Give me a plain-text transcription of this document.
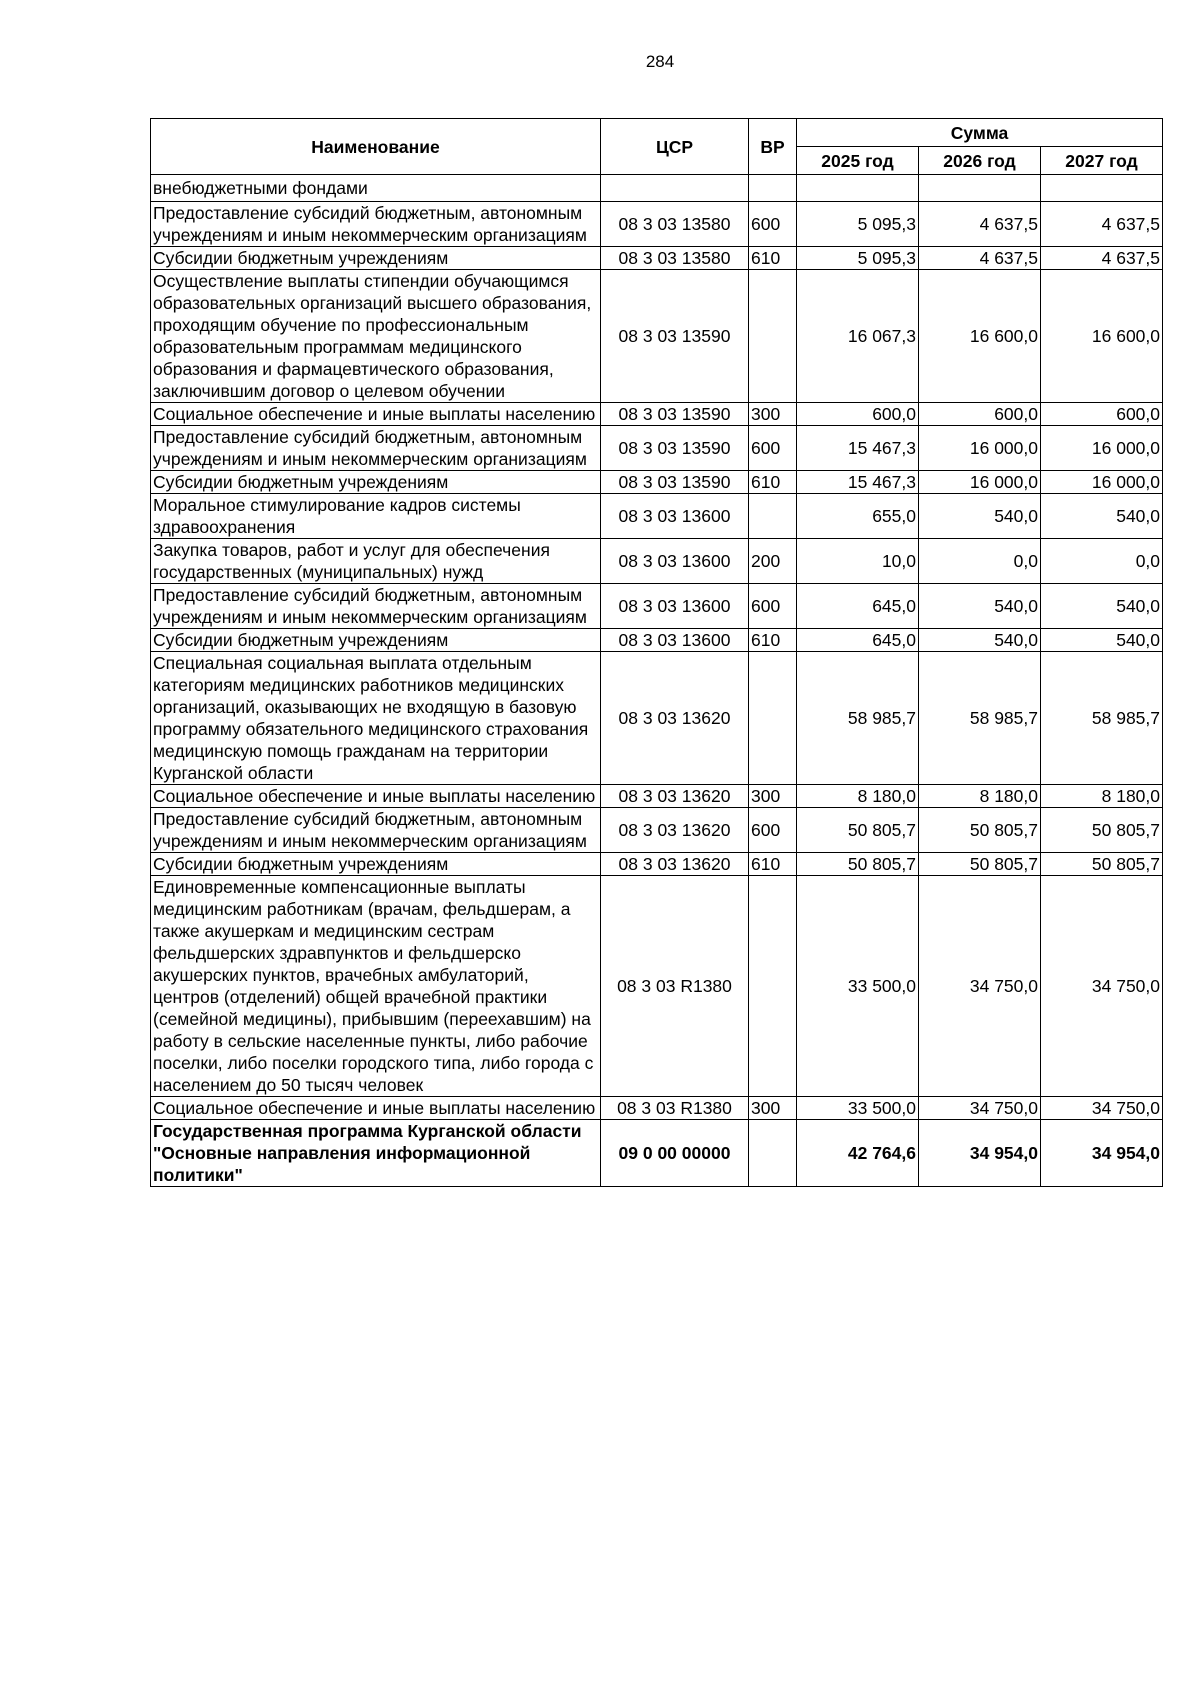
284
Наименование	ЦСР	ВР	Сумма		
			2025 год	2026 год	2027 год
внебюджетными фондами					
Предоставление субсидий бюджетным, автономным учреждениям и иным некоммерческим организациям	08 3 03 13580	600	5 095,3	4 637,5	4 637,5
Субсидии бюджетным учреждениям	08 3 03 13580	610	5 095,3	4 637,5	4 637,5
Осуществление выплаты стипендии обучающимся образовательных организаций высшего образования, проходящим обучение по профессиональным образовательным программам медицинского образования и фармацевтического образования, заключившим договор о целевом обучении	08 3 03 13590		16 067,3	16 600,0	16 600,0
Социальное обеспечение и иные выплаты населению	08 3 03 13590	300	600,0	600,0	600,0
Предоставление субсидий бюджетным, автономным учреждениям и иным некоммерческим организациям	08 3 03 13590	600	15 467,3	16 000,0	16 000,0
Субсидии бюджетным учреждениям	08 3 03 13590	610	15 467,3	16 000,0	16 000,0
Моральное стимулирование кадров системы здравоохранения	08 3 03 13600		655,0	540,0	540,0
Закупка товаров, работ и услуг для обеспечения государственных (муниципальных) нужд	08 3 03 13600	200	10,0	0,0	0,0
Предоставление субсидий бюджетным, автономным учреждениям и иным некоммерческим организациям	08 3 03 13600	600	645,0	540,0	540,0
Субсидии бюджетным учреждениям	08 3 03 13600	610	645,0	540,0	540,0
Специальная социальная выплата отдельным категориям медицинских работников медицинских организаций, оказывающих не входящую в базовую программу обязательного медицинского страхования медицинскую помощь гражданам на территории Курганской области	08 3 03 13620		58 985,7	58 985,7	58 985,7
Социальное обеспечение и иные выплаты населению	08 3 03 13620	300	8 180,0	8 180,0	8 180,0
Предоставление субсидий бюджетным, автономным учреждениям и иным некоммерческим организациям	08 3 03 13620	600	50 805,7	50 805,7	50 805,7
Субсидии бюджетным учреждениям	08 3 03 13620	610	50 805,7	50 805,7	50 805,7
Единовременные компенсационные выплаты медицинским работникам (врачам, фельдшерам, а также акушеркам и медицинским сестрам фельдшерских здравпунктов и фельдшерско акушерских пунктов, врачебных амбулаторий, центров (отделений) общей врачебной практики (семейной медицины), прибывшим (переехавшим) на работу в сельские населенные пункты, либо рабочие поселки, либо поселки городского типа, либо города с населением до 50 тысяч человек	08 3 03 R1380		33 500,0	34 750,0	34 750,0
Социальное обеспечение и иные выплаты населению	08 3 03 R1380	300	33 500,0	34 750,0	34 750,0
Государственная программа Курганской области "Основные направления информационной политики"	09 0 00 00000		42 764,6	34 954,0	34 954,0
